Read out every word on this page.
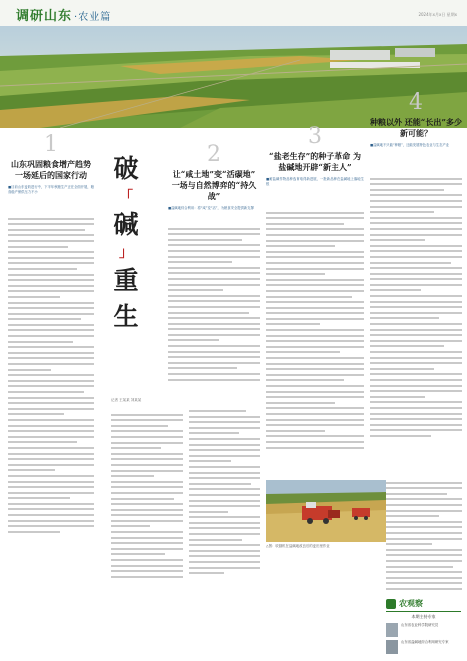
调研山东 ·农业篇	2024年x月x日 星期x
1
山东巩固粮食增产趋势 一场延后的国家行动
■目前山东麦收进行中，下半年秋粮生产正在全面开展，粮食稳产保供压力不小
破
「
碱
」
重
生
记者 王某某 刘某某
2
让“咸土地”变“活碳地” 一场与自然博弈的“持久战”
■盐碱地综合利用：将“咸”变“活”，为粮食安全提供新支撑
3
“盐老生存”的种子革命 为盐碱地开辟“新主人”
■耐盐碱作物品种选育取得新进展，一批新品种在盐碱地上落地生根
△图：收割机在盐碱地改良后的麦田里作业
4
种粮以外 还能“长出”多少新可能？
■盐碱地不只能“种粮”，还能发展特色农业与生态产业
农观察
本期主持专家
山东省农业科学院研究员
山东省盐碱地综合利用研究专家
